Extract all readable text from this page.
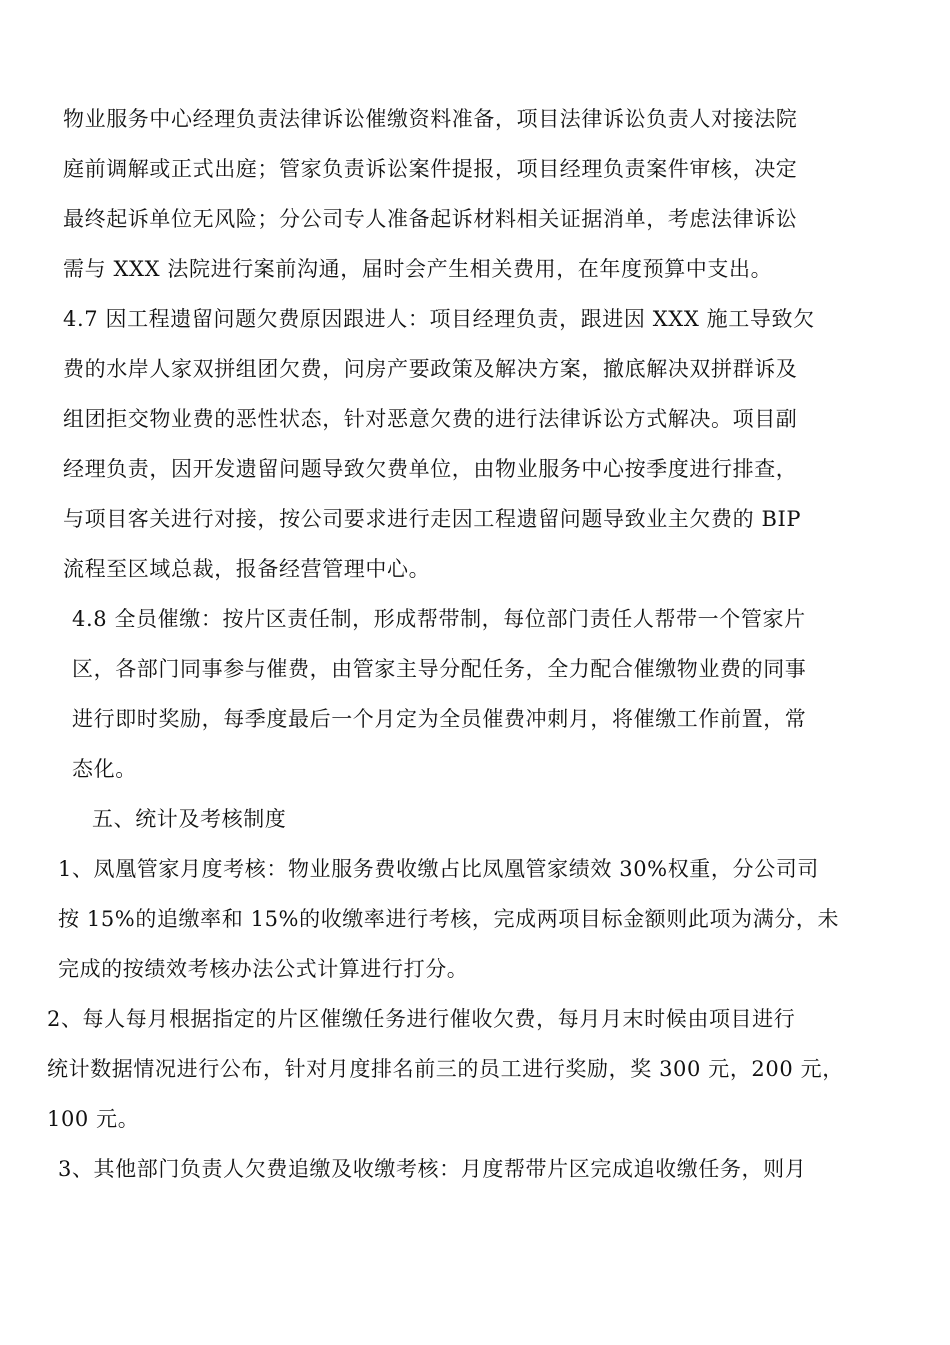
物业服务中心经理负责法律诉讼催缴资料准备，项目法律诉讼负责人对接法院
庭前调解或正式出庭；管家负责诉讼案件提报，项目经理负责案件审核，决定
最终起诉单位无风险；分公司专人准备起诉材料相关证据消单，考虑法律诉讼
需与 XXX 法院进行案前沟通，届时会产生相关费用，在年度预算中支出。
4.7 因工程遗留问题欠费原因跟进人：项目经理负责，跟进因 XXX 施工导致欠
费的水岸人家双拼组团欠费，问房产要政策及解决方案，撤底解决双拼群诉及
组团拒交物业费的恶性状态，针对恶意欠费的进行法律诉讼方式解决。项目副
经理负责，因开发遗留问题导致欠费单位，由物业服务中心按季度进行排查，
与项目客关进行对接，按公司要求进行走因工程遗留问题导致业主欠费的 BIP
流程至区域总裁，报备经营管理中心。
4.8 全员催缴：按片区责任制，形成帮带制，每位部门责任人帮带一个管家片
区，各部门同事参与催费，由管家主导分配任务，全力配合催缴物业费的同事
进行即时奖励，每季度最后一个月定为全员催费冲刺月，将催缴工作前置，常
态化。
五、统计及考核制度
1、凤凰管家月度考核：物业服务费收缴占比凤凰管家绩效 30%权重，分公司司
按 15%的追缴率和 15%的收缴率进行考核，完成两项目标金额则此项为满分，未
完成的按绩效考核办法公式计算进行打分。
2、每人每月根据指定的片区催缴任务进行催收欠费，每月月末时候由项目进行
统计数据情况进行公布，针对月度排名前三的员工进行奖励，奖 300 元，200 元，
100 元。
3、其他部门负责人欠费追缴及收缴考核：月度帮带片区完成追收缴任务，则月
